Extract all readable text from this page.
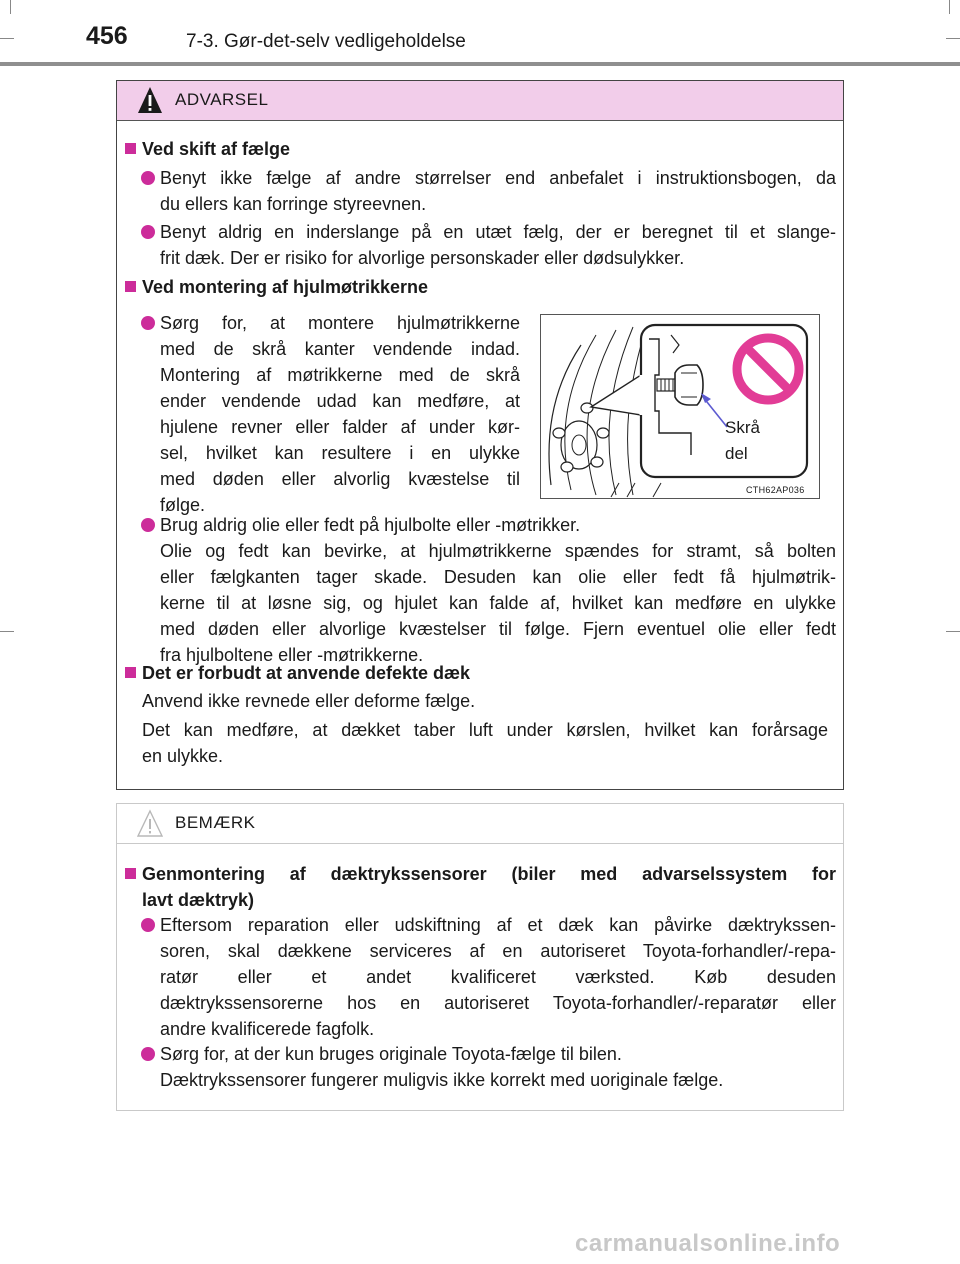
456	7-3. Gør-det-selv vedligeholdelse
ADVARSEL
Ved skift af fælge
Benyt ikke fælge af andre størrelser end anbefalet i instruktionsbogen, da
du ellers kan forringe styreevnen.
Benyt aldrig en inderslange på en utæt fælg, der er beregnet til et slange-
frit dæk. Der er risiko for alvorlige personskader eller dødsulykker.
Ved montering af hjulmøtrikkerne
Sørg for, at montere hjulmøtrikkerne
med de skrå kanter vendende indad.
Montering af møtrikkerne med de skrå
ender vendende udad kan medføre, at
hjulene revner eller falder af under kør-
sel, hvilket kan resultere i en ulykke
med døden eller alvorlig kvæstelse til
følge.
Skrå
del
CTH62AP036
Brug aldrig olie eller fedt på hjulbolte eller -møtrikker.
Olie og fedt kan bevirke, at hjulmøtrikkerne spændes for stramt, så bolten
eller fælgkanten tager skade. Desuden kan olie eller fedt få hjulmøtrik-
kerne til at løsne sig, og hjulet kan falde af, hvilket kan medføre en ulykke
med døden eller alvorlige kvæstelser til følge. Fjern eventuel olie eller fedt
fra hjulboltene eller -møtrikkerne.
Det er forbudt at anvende defekte dæk
Anvend ikke revnede eller deforme fælge.
Det kan medføre, at dækket taber luft under kørslen, hvilket kan forårsage
en ulykke.
BEMÆRK
Genmontering af dæktrykssensorer (biler med advarselssystem for
lavt dæktryk)
Eftersom reparation eller udskiftning af et dæk kan påvirke dæktrykssen-
soren, skal dækkene serviceres af en autoriseret Toyota-forhandler/-repa-
ratør eller et andet kvalificeret værksted. Køb desuden
dæktrykssensorerne hos en autoriseret Toyota-forhandler/-reparatør eller
andre kvalificerede fagfolk.
Sørg for, at der kun bruges originale Toyota-fælge til bilen.
Dæktrykssensorer fungerer muligvis ikke korrekt med uoriginale fælge.
carmanualsonline.info
